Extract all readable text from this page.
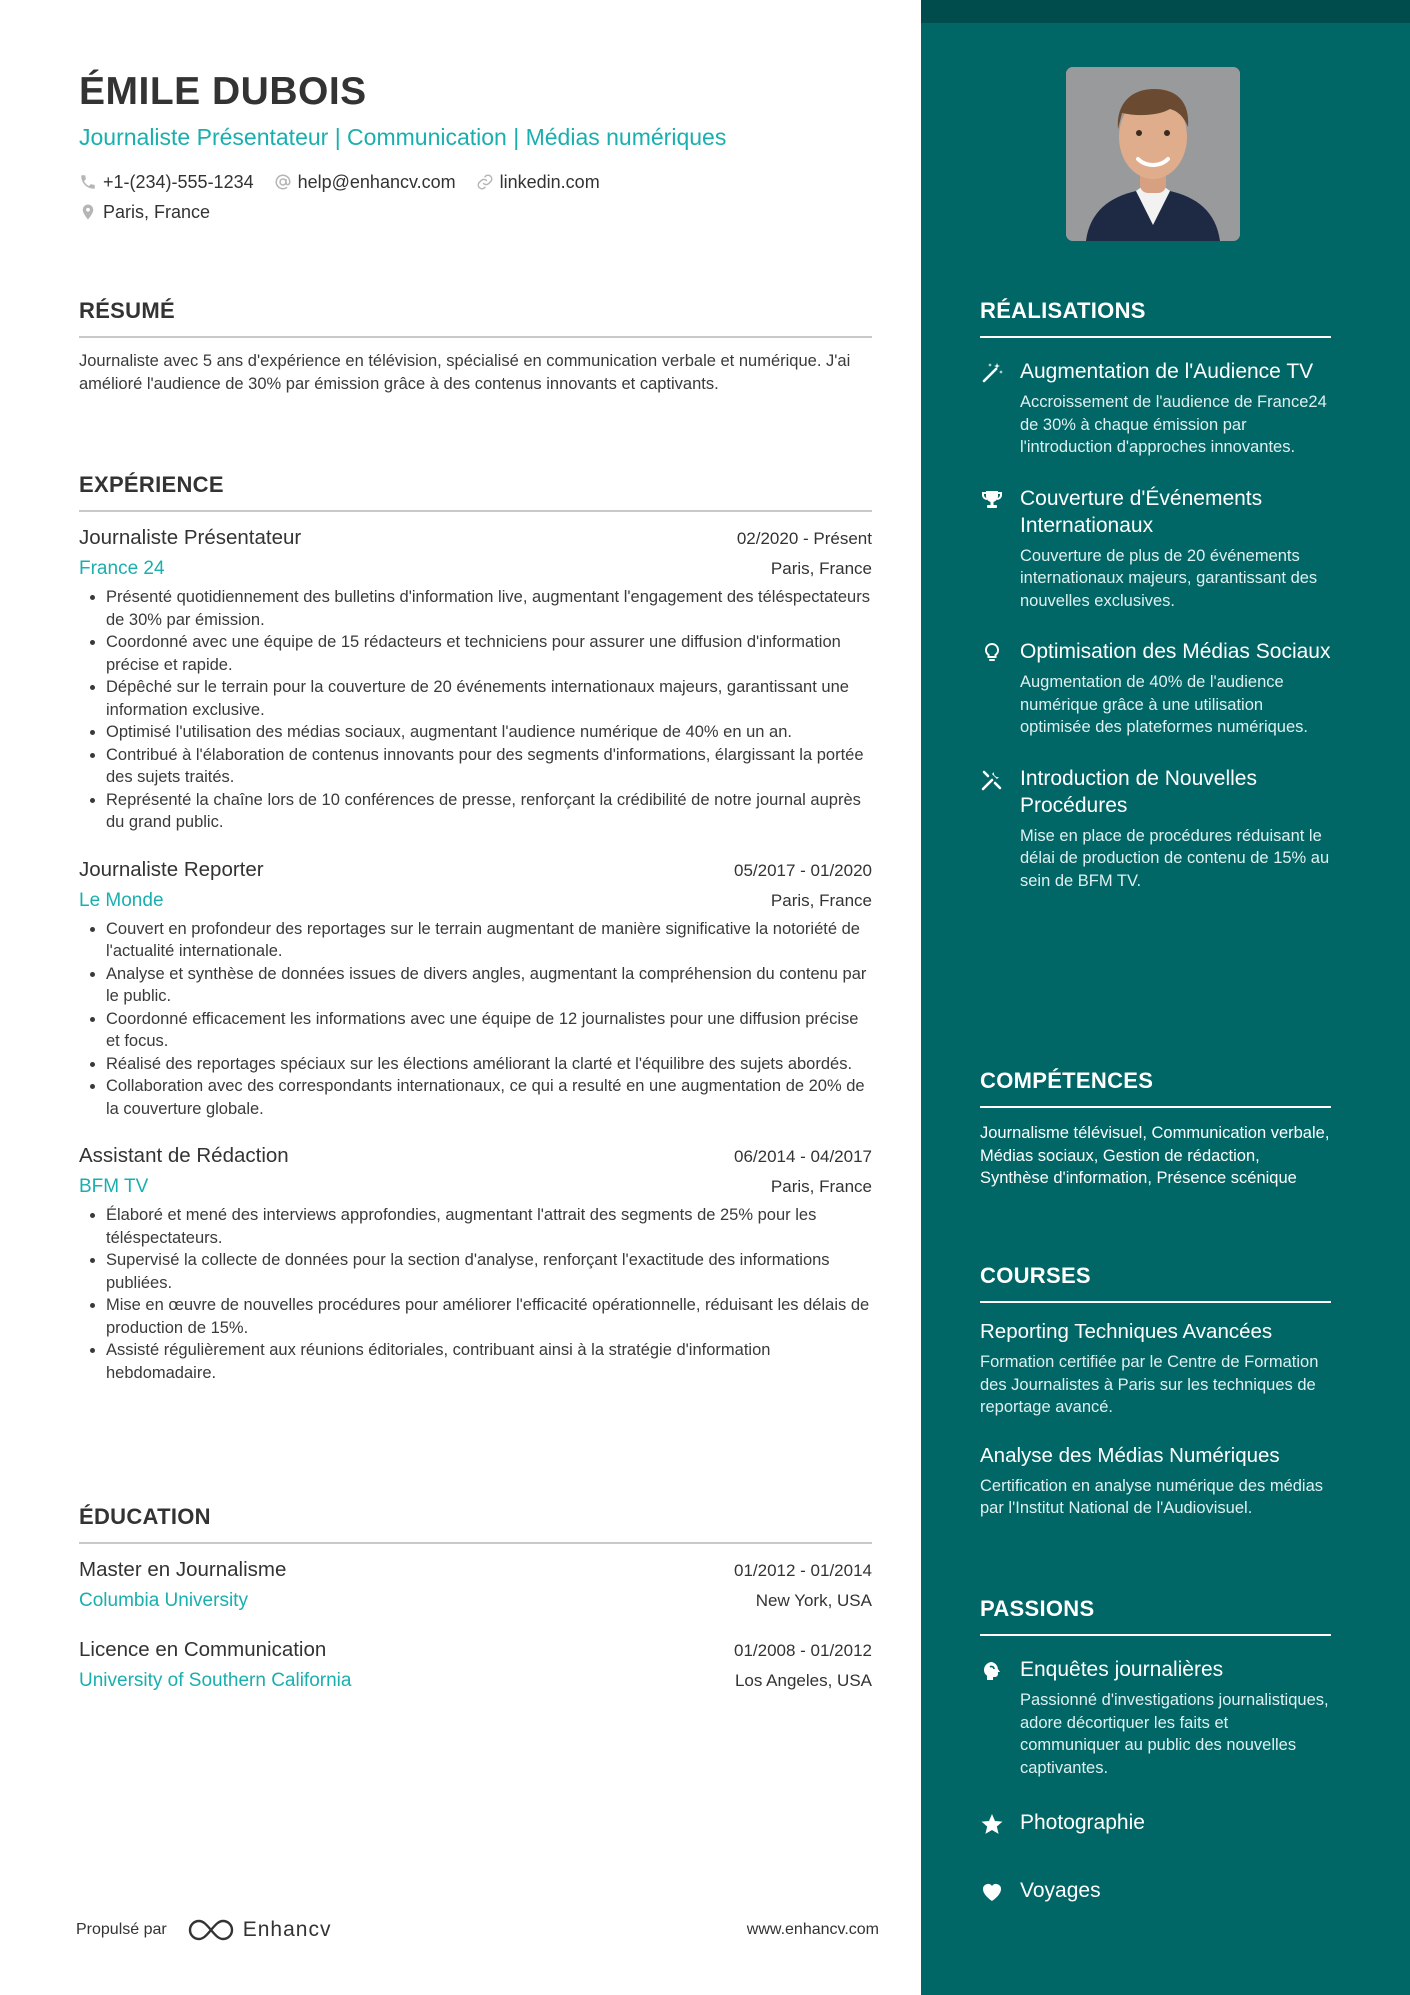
ÉMILE DUBOIS
Journaliste Présentateur | Communication | Médias numériques
+1-(234)-555-1234 help@enhancv.com linkedin.com
Paris, France
RÉSUMÉ

Journaliste avec 5 ans d'expérience en télévision, spécialisé en communication verbale et numérique. J'ai amélioré l'audience de 30% par émission grâce à des contenus innovants et captivants.

EXPÉRIENCE
Journaliste Présentateur	02/2020 - Présent
France 24	Paris, France
• Présenté quotidiennement des bulletins d'information live, augmentant l'engagement des téléspectateurs de 30% par émission.
• Coordonné avec une équipe de 15 rédacteurs et techniciens pour assurer une diffusion d'information précise et rapide.
• Dépêché sur le terrain pour la couverture de 20 événements internationaux majeurs, garantissant une information exclusive.
• Optimisé l'utilisation des médias sociaux, augmentant l'audience numérique de 40% en un an.
• Contribué à l'élaboration de contenus innovants pour des segments d'informations, élargissant la portée des sujets traités.
• Représenté la chaîne lors de 10 conférences de presse, renforçant la crédibilité de notre journal auprès du grand public.
Journaliste Reporter	05/2017 - 01/2020
Le Monde	Paris, France
• Couvert en profondeur des reportages sur le terrain augmentant de manière significative la notoriété de l'actualité internationale.
• Analyse et synthèse de données issues de divers angles, augmentant la compréhension du contenu par le public.
• Coordonné efficacement les informations avec une équipe de 12 journalistes pour une diffusion précise et focus.
• Réalisé des reportages spéciaux sur les élections améliorant la clarté et l'équilibre des sujets abordés.
• Collaboration avec des correspondants internationaux, ce qui a resulté en une augmentation de 20% de la couverture globale.
Assistant de Rédaction	06/2014 - 04/2017
BFM TV	Paris, France
• Élaboré et mené des interviews approfondies, augmentant l'attrait des segments de 25% pour les téléspectateurs.
• Supervisé la collecte de données pour la section d'analyse, renforçant l'exactitude des informations publiées.
• Mise en œuvre de nouvelles procédures pour améliorer l'efficacité opérationnelle, réduisant les délais de production de 15%.
• Assisté régulièrement aux réunions éditoriales, contribuant ainsi à la stratégie d'information hebdomadaire.
ÉDUCATION
Master en Journalisme	01/2012 - 01/2014
Columbia University	New York, USA
Licence en Communication	01/2008 - 01/2012
University of Southern California	Los Angeles, USA
Propulsé par	Enhancv	www.enhancv.com
RÉALISATIONS
Augmentation de l'Audience TV
Accroissement de l'audience de France24 de 30% à chaque émission par l'introduction d'approches innovantes.
Couverture d'Événements Internationaux
Couverture de plus de 20 événements internationaux majeurs, garantissant des nouvelles exclusives.
Optimisation des Médias Sociaux
Augmentation de 40% de l'audience numérique grâce à une utilisation optimisée des plateformes numériques.
Introduction de Nouvelles Procédures
Mise en place de procédures réduisant le délai de production de contenu de 15% au sein de BFM TV.
COMPÉTENCES
Journalisme télévisuel, Communication verbale, Médias sociaux, Gestion de rédaction, Synthèse d'information, Présence scénique
COURSES
Reporting Techniques Avancées
Formation certifiée par le Centre de Formation des Journalistes à Paris sur les techniques de reportage avancé.
Analyse des Médias Numériques
Certification en analyse numérique des médias par l'Institut National de l'Audiovisuel.
PASSIONS
Enquêtes journalières
Passionné d'investigations journalistiques, adore décortiquer les faits et communiquer au public des nouvelles captivantes.
Photographie
Voyages
